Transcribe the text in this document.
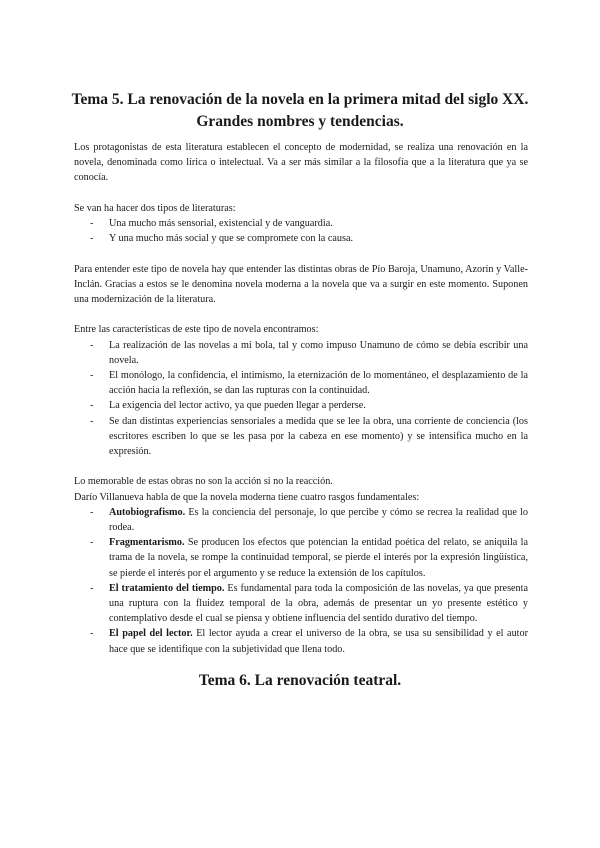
Tema 5. La renovación de la novela en la primera mitad del siglo XX. Grandes nombres y tendencias.

Los protagonistas de esta literatura establecen el concepto de modernidad, se realiza una renovación en la novela, denominada como lírica o intelectual. Va a ser más similar a la filosofía que a la literatura que ya se conocía.

Se van ha hacer dos tipos de literaturas:

- Una mucho más sensorial, existencial y de vanguardia.
- Y una mucho más social y que se compromete con la causa.

Para entender este tipo de novela hay que entender las distintas obras de Pío Baroja, Unamuno, Azorín y Valle-Inclán. Gracias a estos se le denomina novela moderna a la novela que va a surgir en este momento. Suponen una modernización de la literatura.

Entre las características de este tipo de novela encontramos:

- La realización de las novelas a mi bola, tal y como impuso Unamuno de cómo se debía escribir una novela.
- El monólogo, la confidencia, el intimismo, la eternización de lo momentáneo, el desplazamiento de la acción hacia la reflexión, se dan las rupturas con la continuidad.
- La exigencia del lector activo, ya que pueden llegar a perderse.
- Se dan distintas experiencias sensoriales a medida que se lee la obra, una corriente de conciencia (los escritores escriben lo que se les pasa por la cabeza en ese momento) y se intensifica mucho en la expresión.

Lo memorable de estas obras no son la acción si no la reacción.

Darío Villanueva habla de que la novela moderna tiene cuatro rasgos fundamentales:

- Autobiografismo. Es la conciencia del personaje, lo que percibe y cómo se recrea la realidad que lo rodea.
- Fragmentarismo. Se producen los efectos que potencian la entidad poética del relato, se aniquila la trama de la novela, se rompe la continuidad temporal, se pierde el interés por la expresión lingüística, se pierde el interés por el argumento y se reduce la extensión de los capítulos.
- El tratamiento del tiempo. Es fundamental para toda la composición de las novelas, ya que presenta una ruptura con la fluidez temporal de la obra, además de presentar un yo presente estético y contemplativo desde el cual se piensa y obtiene influencia del sentido durativo del tiempo.
- El papel del lector. El lector ayuda a crear el universo de la obra, se usa su sensibilidad y el autor hace que se identifique con la subjetividad que llena todo.
Tema 6. La renovación teatral.
